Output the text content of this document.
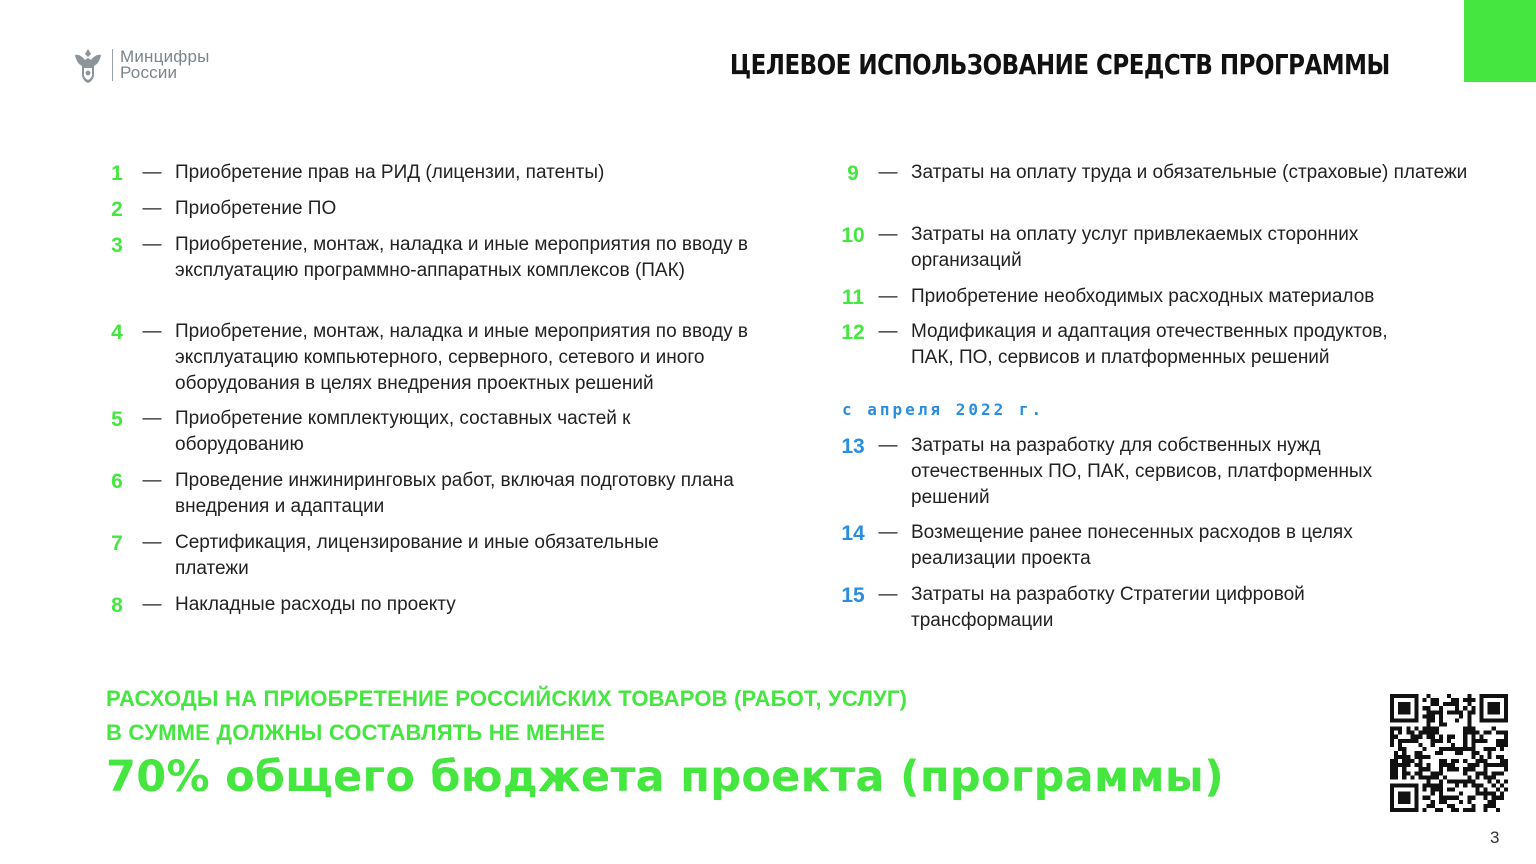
Минцифры
России	ЦЕЛЕВОЕ ИСПОЛЬЗОВАНИЕ СРЕДСТВ ПРОГРАММЫ
1	— Приобретение прав на РИД (лицензии, патенты)
2	— Приобретение ПО
3	— Приобретение, монтаж, наладка и иные мероприятия по вводу в эксплуатацию программно-аппаратных комплексов (ПАК)
4	— Приобретение, монтаж, наладка и иные мероприятия по вводу в эксплуатацию компьютерного, серверного, сетевого и иного оборудования в целях внедрения проектных решений
5	— Приобретение комплектующих, составных частей к оборудованию
6	— Проведение инжиниринговых работ, включая подготовку плана внедрения и адаптации
7	— Сертификация, лицензирование и иные обязательные платежи
8	— Накладные расходы по проекту
9	— Затраты на оплату труда и обязательные (страховые) платежи
10 — Затраты на оплату услуг привлекаемых сторонних организаций
11 — Приобретение необходимых расходных материалов
12 — Модификация и адаптация отечественных продуктов, ПАК, ПО, сервисов и платформенных решений
с апреля 2022 г.
13 — Затраты на разработку для собственных нужд отечественных ПО, ПАК, сервисов, платформенных решений
14 — Возмещение ранее понесенных расходов в целях реализации проекта
15 — Затраты на разработку Стратегии цифровой трансформации
РАСХОДЫ НА ПРИОБРЕТЕНИЕ РОССИЙСКИХ ТОВАРОВ (РАБОТ, УСЛУГ)
В СУММЕ ДОЛЖНЫ СОСТАВЛЯТЬ НЕ МЕНЕЕ
70% общего бюджета проекта (программы)
3
